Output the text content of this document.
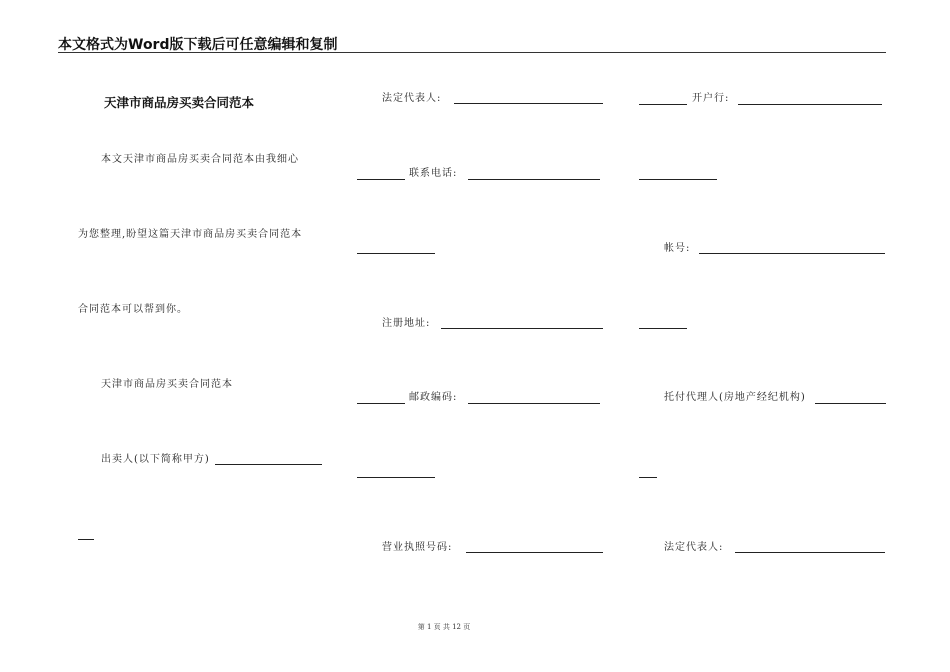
本文格式为Word版下载后可任意编辑和复制
天津市商品房买卖合同范本
本文天津市商品房买卖合同范本由我细心
为您整理,盼望这篇天津市商品房买卖合同范本
合同范本可以帮到你。
天津市商品房买卖合同范本
出卖人(以下简称甲方)
法定代表人:
联系电话:
注册地址:
邮政编码:
营业执照号码:
开户行:
帐号:
托付代理人(房地产经纪机构)
法定代表人:
第 1 页 共 12 页
